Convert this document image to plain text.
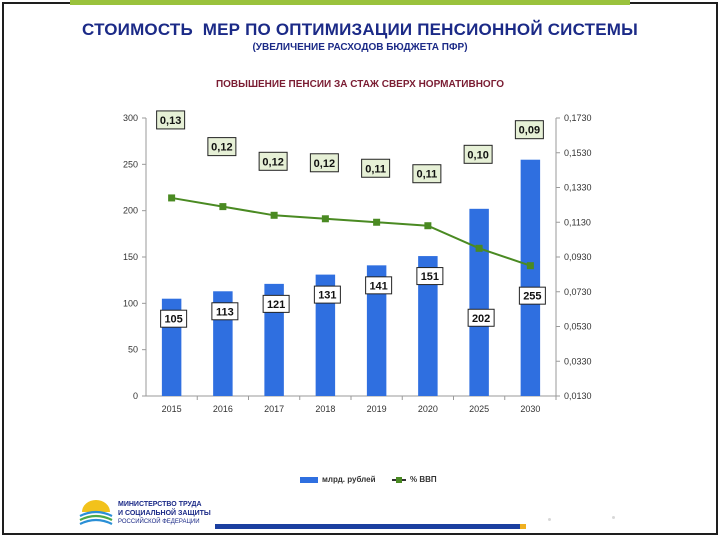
СТОИМОСТЬ  МЕР ПО ОПТИМИЗАЦИИ ПЕНСИОННОЙ СИСТЕМЫ
(УВЕЛИЧЕНИЕ РАСХОДОВ БЮДЖЕТА ПФР)
ПОВЫШЕНИЕ ПЕНСИИ ЗА СТАЖ СВЕРХ НОРМАТИВНОГО
0
50
100
150
200
250
300
0,0130
0,0330
0,0530
0,0730
0,0930
0,1130
0,1330
0,1530
0,1730
2015	2016	2017	2018	2019	2020	2025	2030
105
113
121
131
141
151
202
255
0,13
0,12
0,12	0,12	0,11	0,11
0,10
0,09
млрд. рублей	% ВВП
МИНИСТЕРСТВО ТРУДА
И СОЦИАЛЬНОЙ ЗАЩИТЫ
РОССИЙСКОЙ ФЕДЕРАЦИИ
